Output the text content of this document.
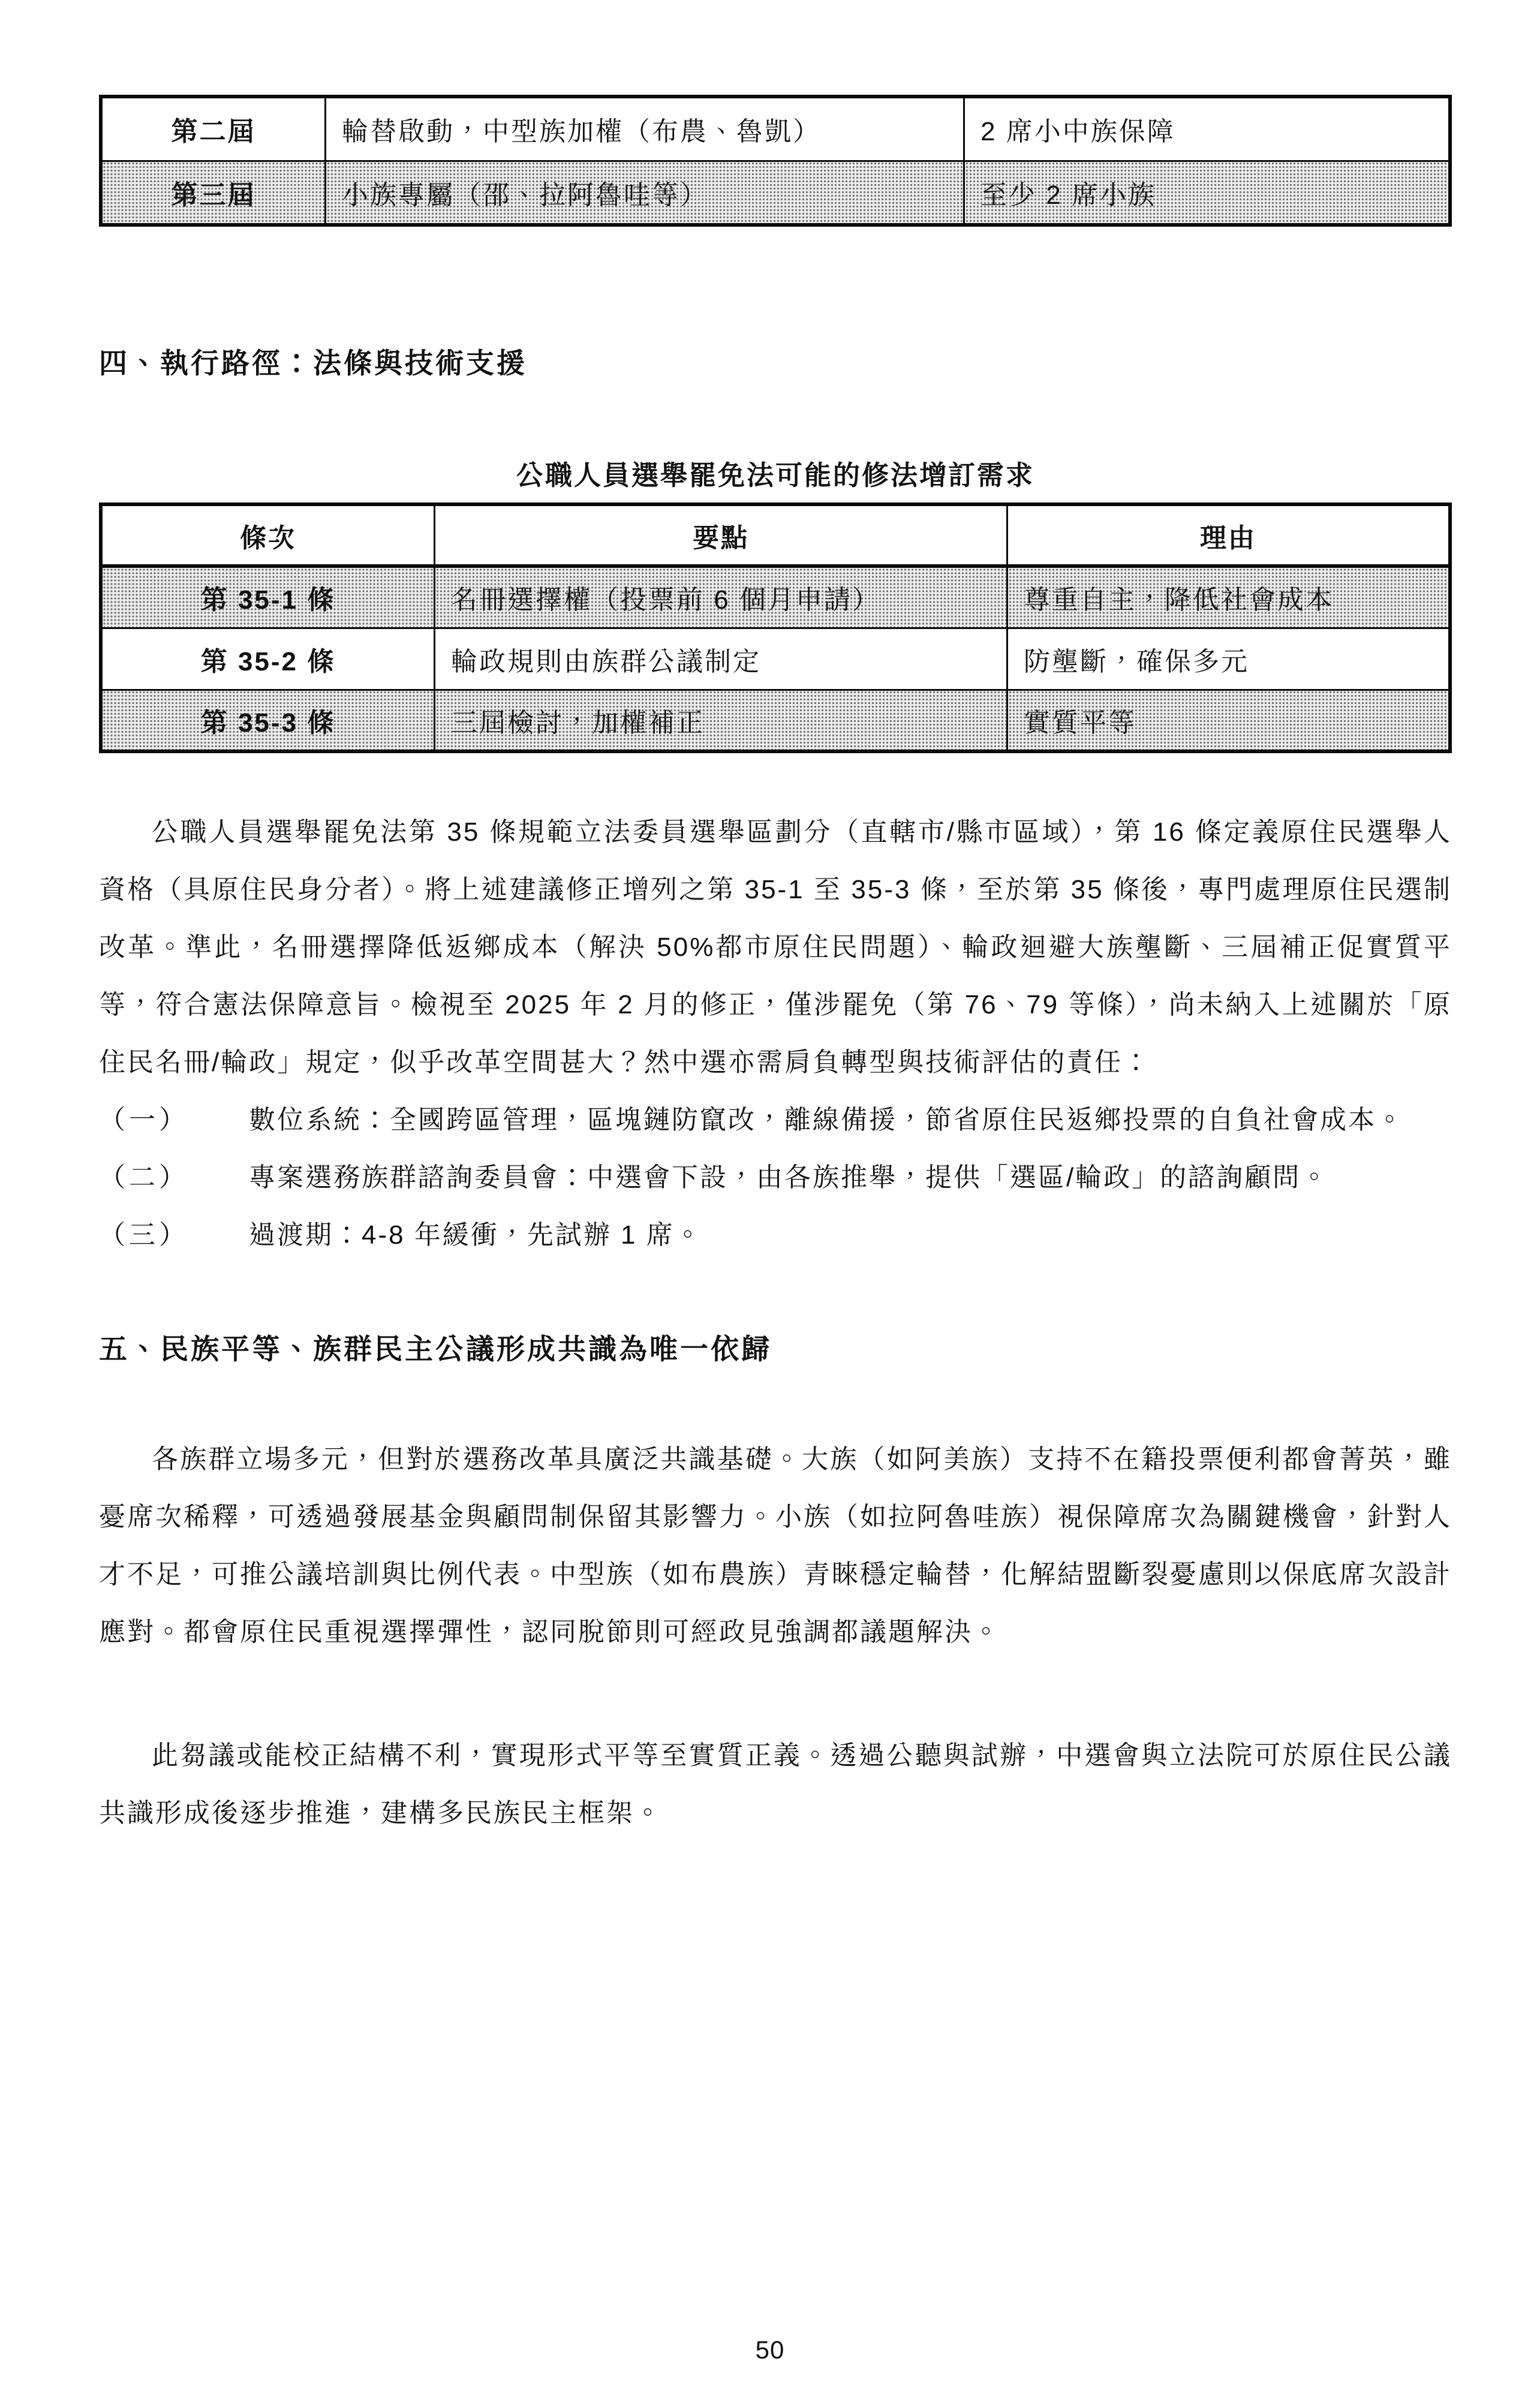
第二屆	輪替啟動，中型族加權（布農、魯凱）	2 席小中族保障
第三屆	小族專屬（邵、拉阿魯哇等）	至少 2 席小族
四、執行路徑：法條與技術支援
公職人員選舉罷免法可能的修法增訂需求
條次	要點	理由
第 35-1 條	名冊選擇權（投票前 6 個月申請）	尊重自主，降低社會成本
第 35-2 條	輪政規則由族群公議制定	防壟斷，確保多元
第 35-3 條	三屆檢討，加權補正	實質平等

公職人員選舉罷免法第 35 條規範立法委員選舉區劃分（直轄市/縣市區域），第 16 條定義原住民選舉人資格（具原住民身分者）。將上述建議修正增列之第 35-1 至 35-3 條，至於第 35 條後，專門處理原住民選制改革。準此，名冊選擇降低返鄉成本（解決 50%都市原住民問題）、輪政迴避大族壟斷、三屆補正促實質平等，符合憲法保障意旨。檢視至 2025 年 2 月的修正，僅涉罷免（第 76、79 等條），尚未納入上述關於「原住民名冊/輪政」規定，似乎改革空間甚大？然中選亦需肩負轉型與技術評估的責任：

（一） 數位系統：全國跨區管理，區塊鏈防竄改，離線備援，節省原住民返鄉投票的自負社會成本。
（二） 專案選務族群諮詢委員會：中選會下設，由各族推舉，提供「選區/輪政」的諮詢顧問。
（三） 過渡期：4-8 年緩衝，先試辦 1 席。
五、民族平等、族群民主公議形成共識為唯一依歸

各族群立場多元，但對於選務改革具廣泛共識基礎。大族（如阿美族）支持不在籍投票便利都會菁英，雖憂席次稀釋，可透過發展基金與顧問制保留其影響力。小族（如拉阿魯哇族）視保障席次為關鍵機會，針對人才不足，可推公議培訓與比例代表。中型族（如布農族）青睞穩定輪替，化解結盟斷裂憂慮則以保底席次設計應對。都會原住民重視選擇彈性，認同脫節則可經政見強調都議題解決。

此芻議或能校正結構不利，實現形式平等至實質正義。透過公聽與試辦，中選會與立法院可於原住民公議共識形成後逐步推進，建構多民族民主框架。

50
